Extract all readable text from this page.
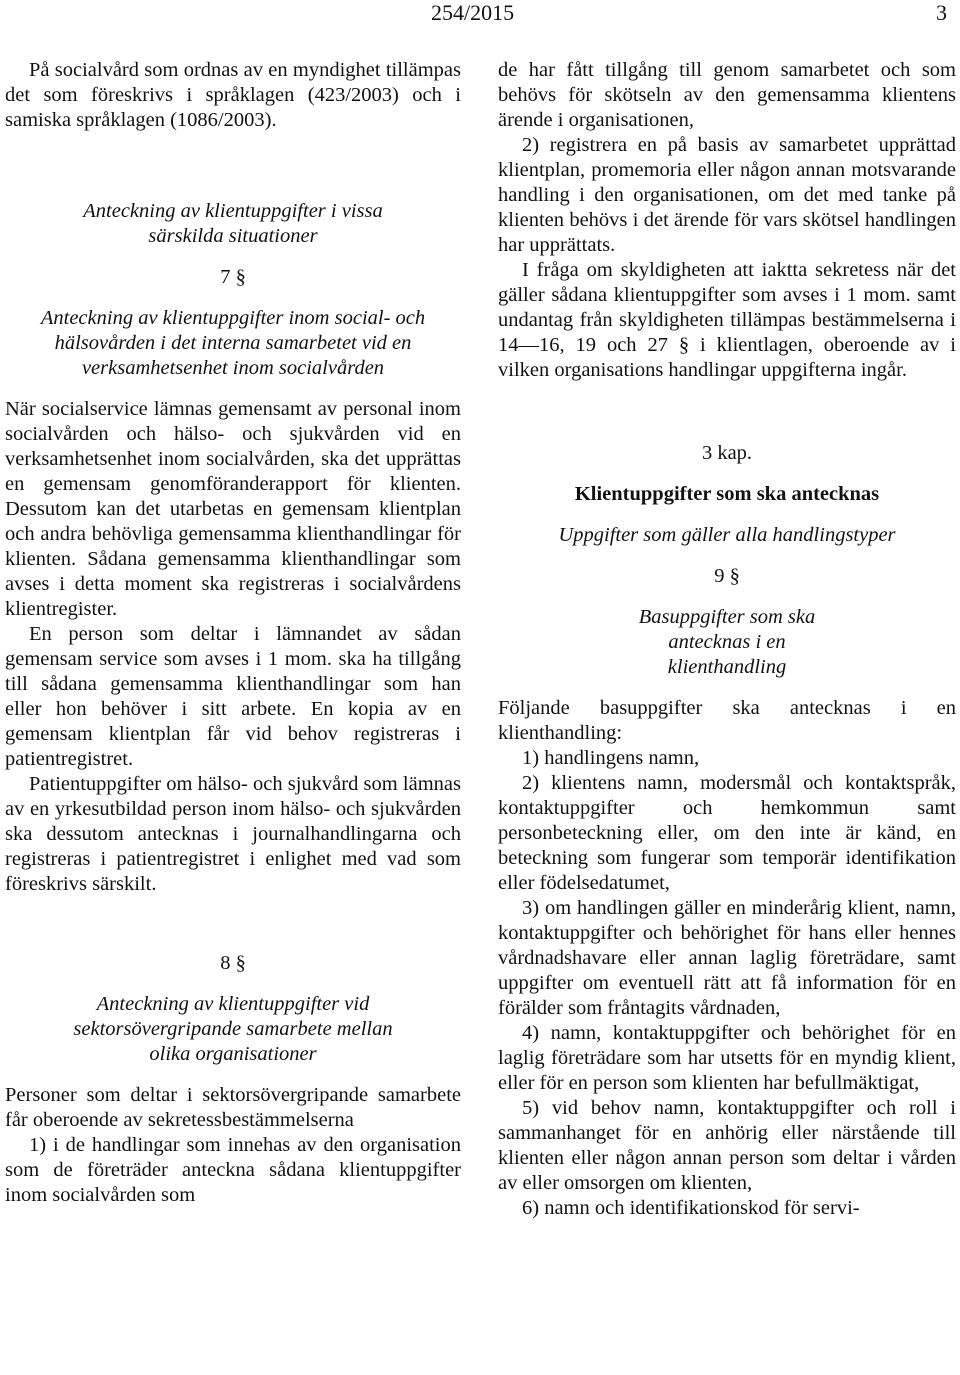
254/2015	3

På socialvård som ordnas av en myndighet tillämpas det som föreskrivs i språklagen (423/2003) och i samiska språklagen (1086/2003).

Anteckning av klientuppgifter i vissa särskilda situationer

7 §

Anteckning av klientuppgifter inom social- och hälsovården i det interna samarbetet vid en verksamhetsenhet inom socialvården

När socialservice lämnas gemensamt av personal inom socialvården och hälso- och sjukvården vid en verksamhetsenhet inom socialvården, ska det upprättas en gemensam genomföranderapport för klienten. Dessutom kan det utarbetas en gemensam klientplan och andra behövliga gemensamma klienthandlingar för klienten. Sådana gemensamma klienthandlingar som avses i detta moment ska registreras i socialvårdens klientregister.

En person som deltar i lämnandet av sådan gemensam service som avses i 1 mom. ska ha tillgång till sådana gemensamma klienthandlingar som han eller hon behöver i sitt arbete. En kopia av en gemensam klientplan får vid behov registreras i patientregistret.

Patientuppgifter om hälso- och sjukvård som lämnas av en yrkesutbildad person inom hälso- och sjukvården ska dessutom antecknas i journalhandlingarna och registreras i patientregistret i enlighet med vad som föreskrivs särskilt.

8 §

Anteckning av klientuppgifter vid sektorsövergripande samarbete mellan olika organisationer

Personer som deltar i sektorsövergripande samarbete får oberoende av sekretessbestämmelserna

1) i de handlingar som innehas av den organisation som de företräder anteckna sådana klientuppgifter inom socialvården som

de har fått tillgång till genom samarbetet och som behövs för skötseln av den gemensamma klientens ärende i organisationen,

2) registrera en på basis av samarbetet upprättad klientplan, promemoria eller någon annan motsvarande handling i den organisationen, om det med tanke på klienten behövs i det ärende för vars skötsel handlingen har upprättats.

I fråga om skyldigheten att iaktta sekretess när det gäller sådana klientuppgifter som avses i 1 mom. samt undantag från skyldigheten tillämpas bestämmelserna i 14—16, 19 och 27 § i klientlagen, oberoende av i vilken organisations handlingar uppgifterna ingår.

3 kap.

Klientuppgifter som ska antecknas

Uppgifter som gäller alla handlingstyper

9 §

Basuppgifter som ska antecknas i en klienthandling

Följande basuppgifter ska antecknas i en klienthandling:

1) handlingens namn,

2) klientens namn, modersmål och kontaktspråk, kontaktuppgifter och hemkommun samt personbeteckning eller, om den inte är känd, en beteckning som fungerar som temporär identifikation eller födelsedatumet,

3) om handlingen gäller en minderårig klient, namn, kontaktuppgifter och behörighet för hans eller hennes vårdnadshavare eller annan laglig företrädare, samt uppgifter om eventuell rätt att få information för en förälder som fråntagits vårdnaden,

4) namn, kontaktuppgifter och behörighet för en laglig företrädare som har utsetts för en myndig klient, eller för en person som klienten har befullmäktigat,

5) vid behov namn, kontaktuppgifter och roll i sammanhanget för en anhörig eller närstående till klienten eller någon annan person som deltar i vården av eller omsorgen om klienten,

6) namn och identifikationskod för servi-
